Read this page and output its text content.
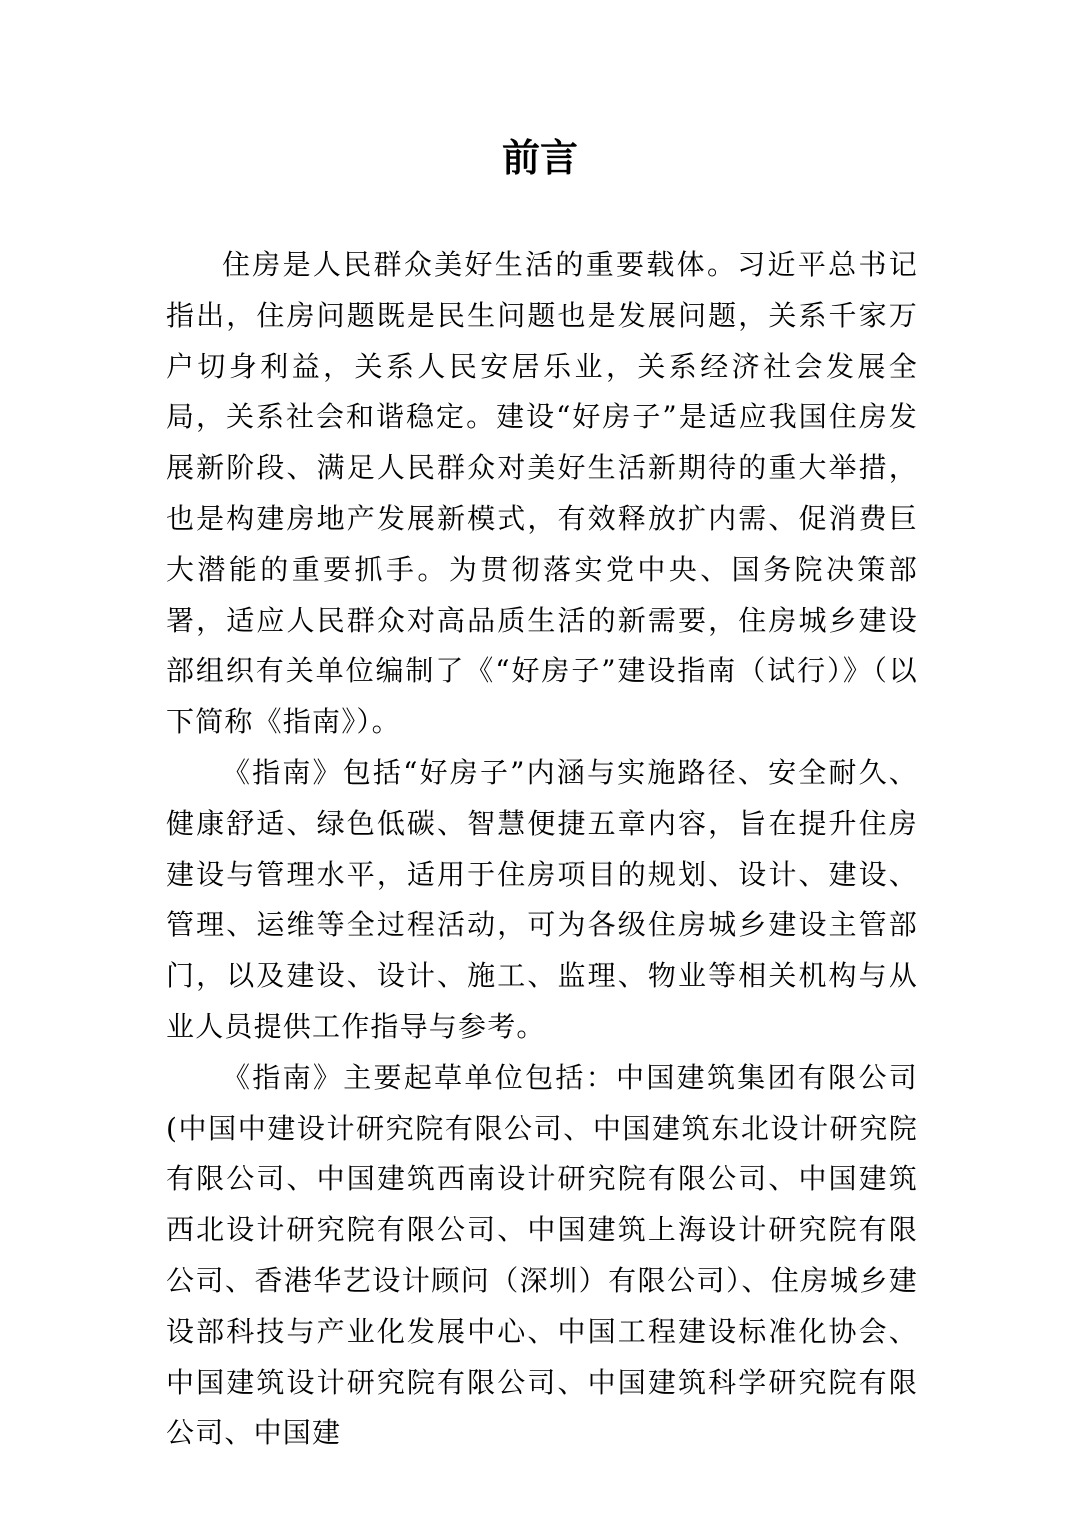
前言

住房是人民群众美好生活的重要载体。习近平总书记指出，住房问题既是民生问题也是发展问题，关系千家万户切身利益，关系人民安居乐业，关系经济社会发展全局，关系社会和谐稳定。建设“好房子”是适应我国住房发展新阶段、满足人民群众对美好生活新期待的重大举措，也是构建房地产发展新模式，有效释放扩内需、促消费巨大潜能的重要抓手。为贯彻落实党中央、国务院决策部署，适应人民群众对高品质生活的新需要，住房城乡建设部组织有关单位编制了《“好房子”建设指南（试行）》（以下简称《指南》）。

《指南》包括“好房子”内涵与实施路径、安全耐久、健康舒适、绿色低碳、智慧便捷五章内容，旨在提升住房建设与管理水平，适用于住房项目的规划、设计、建设、管理、运维等全过程活动，可为各级住房城乡建设主管部门，以及建设、设计、施工、监理、物业等相关机构与从业人员提供工作指导与参考。

《指南》主要起草单位包括：中国建筑集团有限公司(中国中建设计研究院有限公司、中国建筑东北设计研究院有限公司、中国建筑西南设计研究院有限公司、中国建筑西北设计研究院有限公司、中国建筑上海设计研究院有限公司、香港华艺设计顾问（深圳）有限公司）、住房城乡建设部科技与产业化发展中心、中国工程建设标准化协会、中国建筑设计研究院有限公司、中国建筑科学研究院有限公司、中国建
